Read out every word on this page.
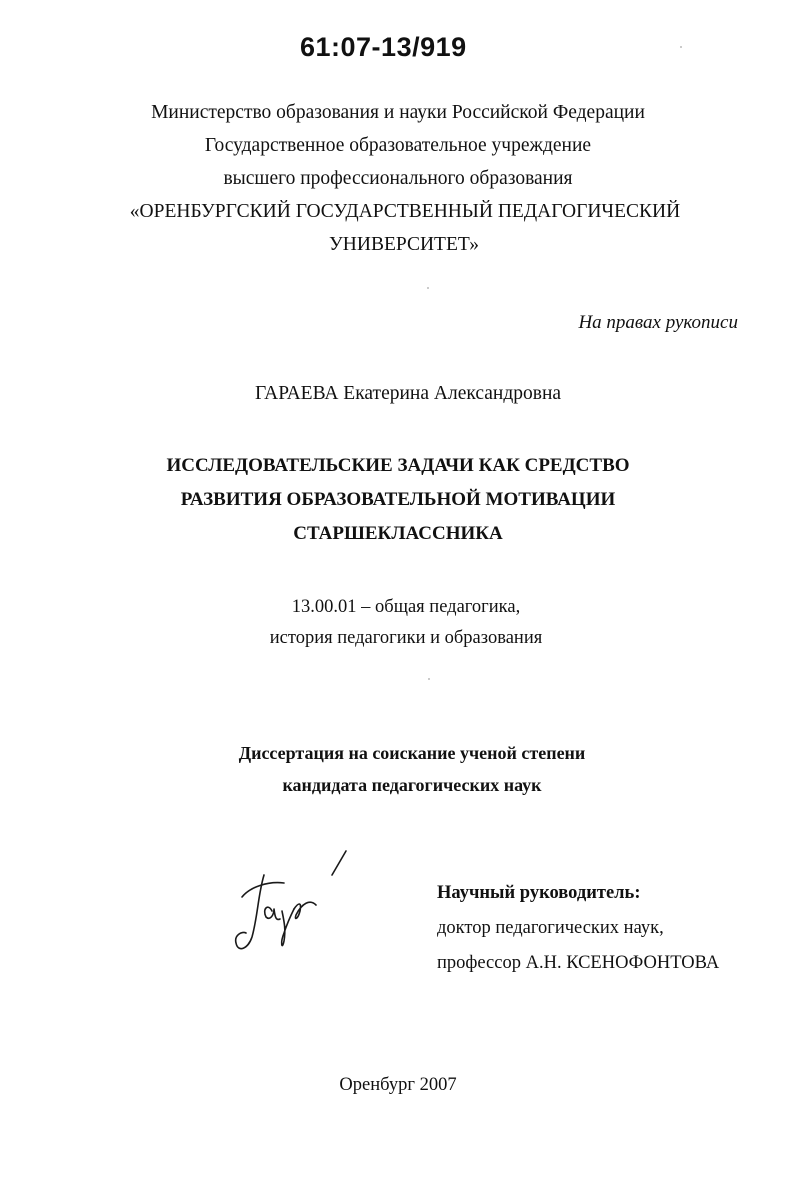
61:07-13/919
Министерство образования и науки Российской Федерации
Государственное образовательное учреждение
высшего профессионального образования
«ОРЕНБУРГСКИЙ ГОСУДАРСТВЕННЫЙ ПЕДАГОГИЧЕСКИЙ
УНИВЕРСИТЕТ»
На правах рукописи
ГАРАЕВА Екатерина Александровна
ИССЛЕДОВАТЕЛЬСКИЕ ЗАДАЧИ КАК СРЕДСТВО
РАЗВИТИЯ ОБРАЗОВАТЕЛЬНОЙ МОТИВАЦИИ
СТАРШЕКЛАССНИКА
13.00.01 – общая педагогика,
история педагогики и образования
Диссертация на соискание ученой степени
кандидата педагогических наук
Научный руководитель:
доктор педагогических наук,
профессор А.Н. КСЕНОФОНТОВА
Оренбург 2007
